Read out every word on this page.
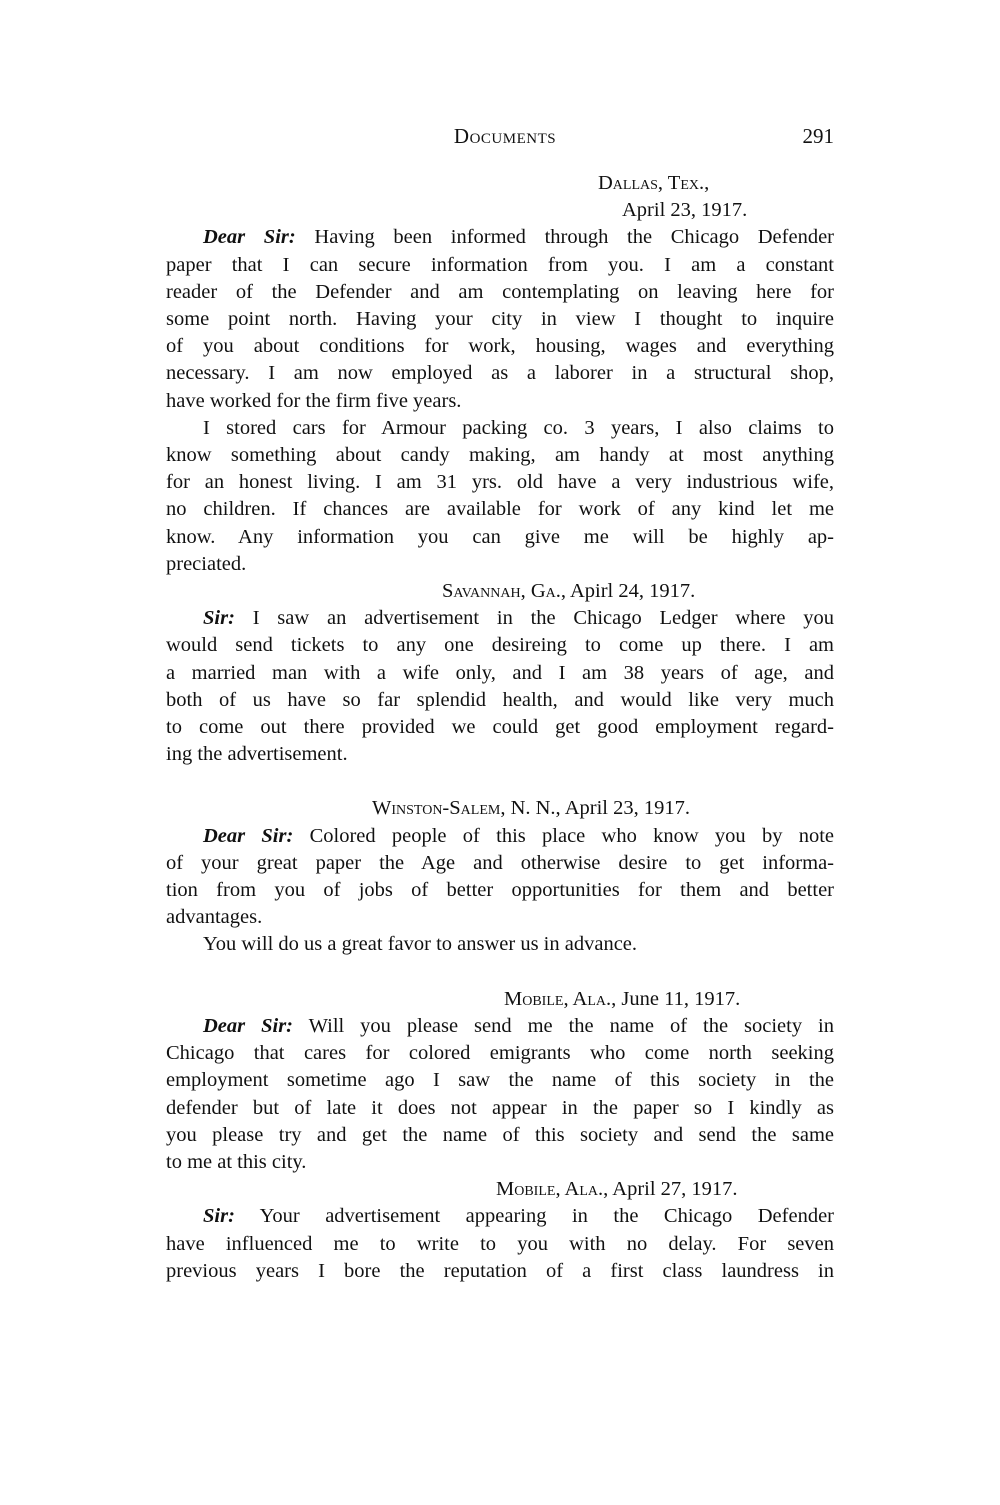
Documents	291
Dallas, Tex.,
April 23, 1917.
Dear Sir: Having been informed through the Chicago Defender
paper that I can secure information from you. I am a constant
reader of the Defender and am contemplating on leaving here for
some point north. Having your city in view I thought to inquire
of you about conditions for work, housing, wages and everything
necessary. I am now employed as a laborer in a structural shop,
have worked for the firm five years.
I stored cars for Armour packing co. 3 years, I also claims to
know something about candy making, am handy at most anything
for an honest living. I am 31 yrs. old have a very industrious wife,
no children. If chances are available for work of any kind let me
know. Any information you can give me will be highly ap-
preciated.
Savannah, Ga., Apirl 24, 1917.
Sir: I saw an advertisement in the Chicago Ledger where you
would send tickets to any one desireing to come up there. I am
a married man with a wife only, and I am 38 years of age, and
both of us have so far splendid health, and would like very much
to come out there provided we could get good employment regard-
ing the advertisement.
Winston-Salem, N. N., April 23, 1917.
Dear Sir: Colored people of this place who know you by note
of your great paper the Age and otherwise desire to get informa-
tion from you of jobs of better opportunities for them and better
advantages.
You will do us a great favor to answer us in advance.
Mobile, Ala., June 11, 1917.
Dear Sir: Will you please send me the name of the society in
Chicago that cares for colored emigrants who come north seeking
employment sometime ago I saw the name of this society in the
defender but of late it does not appear in the paper so I kindly as
you please try and get the name of this society and send the same
to me at this city.
Mobile, Ala., April 27, 1917.
Sir: Your advertisement appearing in the Chicago Defender
have influenced me to write to you with no delay. For seven
previous years I bore the reputation of a first class laundress in
